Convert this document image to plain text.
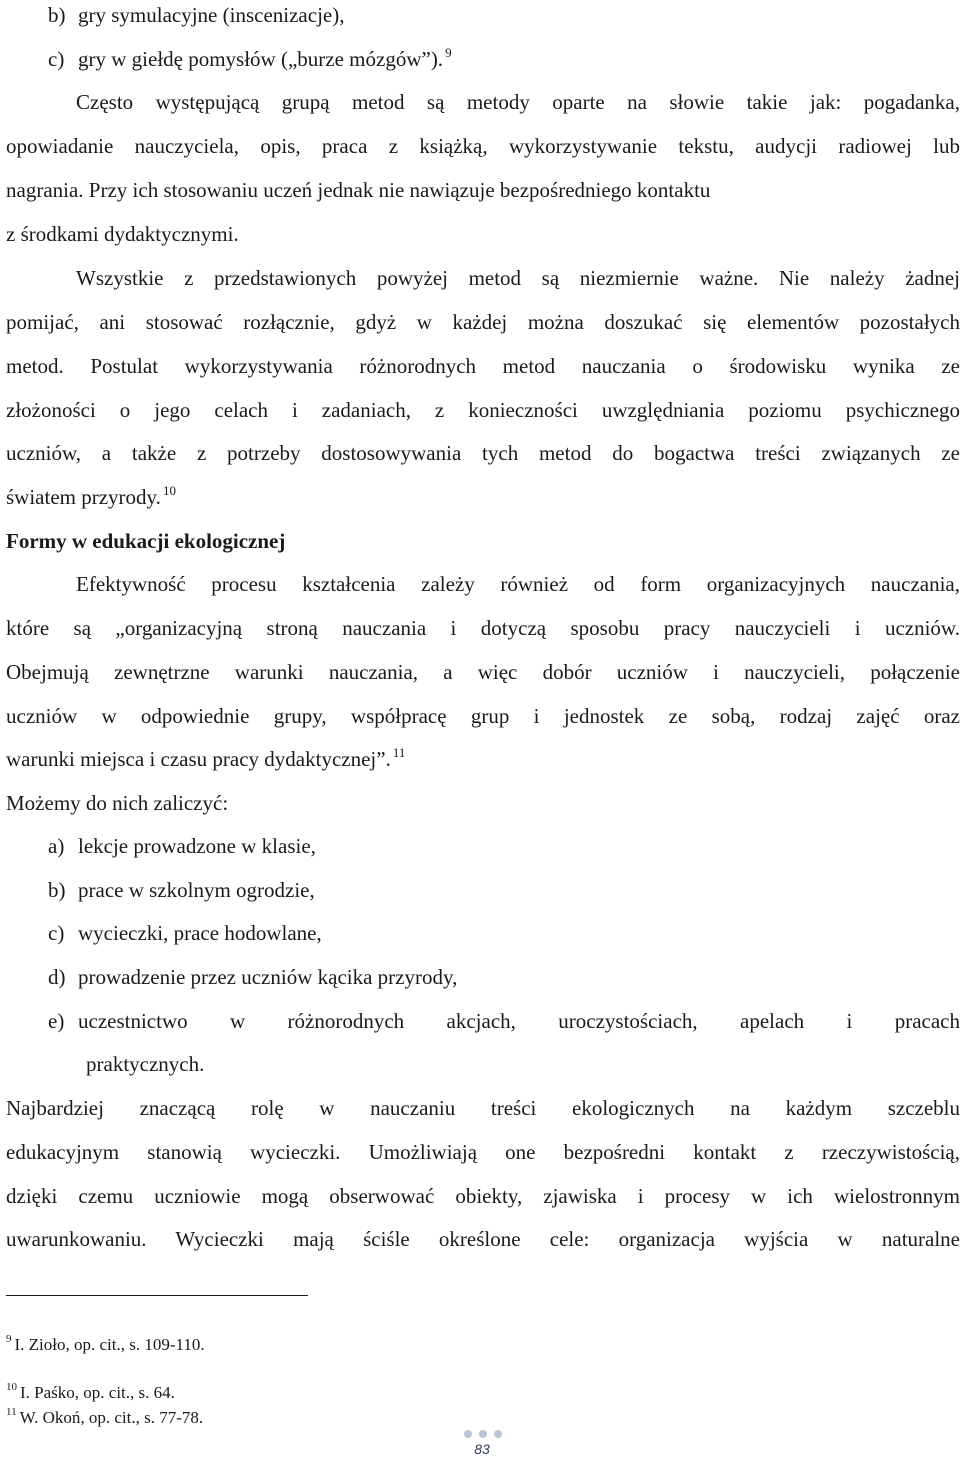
b) gry symulacyjne (inscenizacje),
c) gry w giełdę pomysłów („burze mózgów”). $^9$
Często występującą grupą metod są metody oparte na słowie takie jak: pogadanka,
opowiadanie nauczyciela, opis, praca z książką, wykorzystywanie tekstu, audycji radiowej lub
nagrania. Przy ich stosowaniu uczeń jednak nie nawiązuje bezpośredniego kontaktu
z środkami dydaktycznymi.
Wszystkie z przedstawionych powyżej metod są niezmiernie ważne. Nie należy żadnej
pomijać, ani stosować rozłącznie, gdyż w każdej można doszukać się elementów pozostałych
metod. Postulat wykorzystywania różnorodnych metod nauczania o środowisku wynika ze
złożoności o jego celach i zadaniach, z konieczności uwzględniania poziomu psychicznego
uczniów, a także z potrzeby dostosowywania tych metod do bogactwa treści związanych ze
światem przyrody. $^{10}$
Formy w edukacji ekologicznej
Efektywność procesu kształcenia zależy również od form organizacyjnych nauczania,
które są „organizacyjną stroną nauczania i dotyczą sposobu pracy nauczycieli i uczniów.
Obejmują zewnętrzne warunki nauczania, a więc dobór uczniów i nauczycieli, połączenie
uczniów w odpowiednie grupy, współpracę grup i jednostek ze sobą, rodzaj zajęć oraz
warunki miejsca i czasu pracy dydaktycznej”. $^{11}$
Możemy do nich zaliczyć:
a) lekcje prowadzone w klasie,
b) prace w szkolnym ogrodzie,
c) wycieczki, prace hodowlane,
d) prowadzenie przez uczniów kącika przyrody,
e) uczestnictwo w różnorodnych akcjach, uroczystościach, apelach i pracach
praktycznych.
Najbardziej znaczącą rolę w nauczaniu treści ekologicznych na każdym szczeblu
edukacyjnym stanowią wycieczki. Umożliwiają one bezpośredni kontakt z rzeczywistością,
dzięki czemu uczniowie mogą obserwować obiekty, zjawiska i procesy w ich wielostronnym
uwarunkowaniu. Wycieczki mają ściśle określone cele: organizacja wyjścia w naturalne
$^9$ I. Zioło, op. cit., s. 109-110.
$^{10}$ I. Paśko, op. cit., s. 64.
$^{11}$ W. Okoń, op. cit., s. 77-78.
83
